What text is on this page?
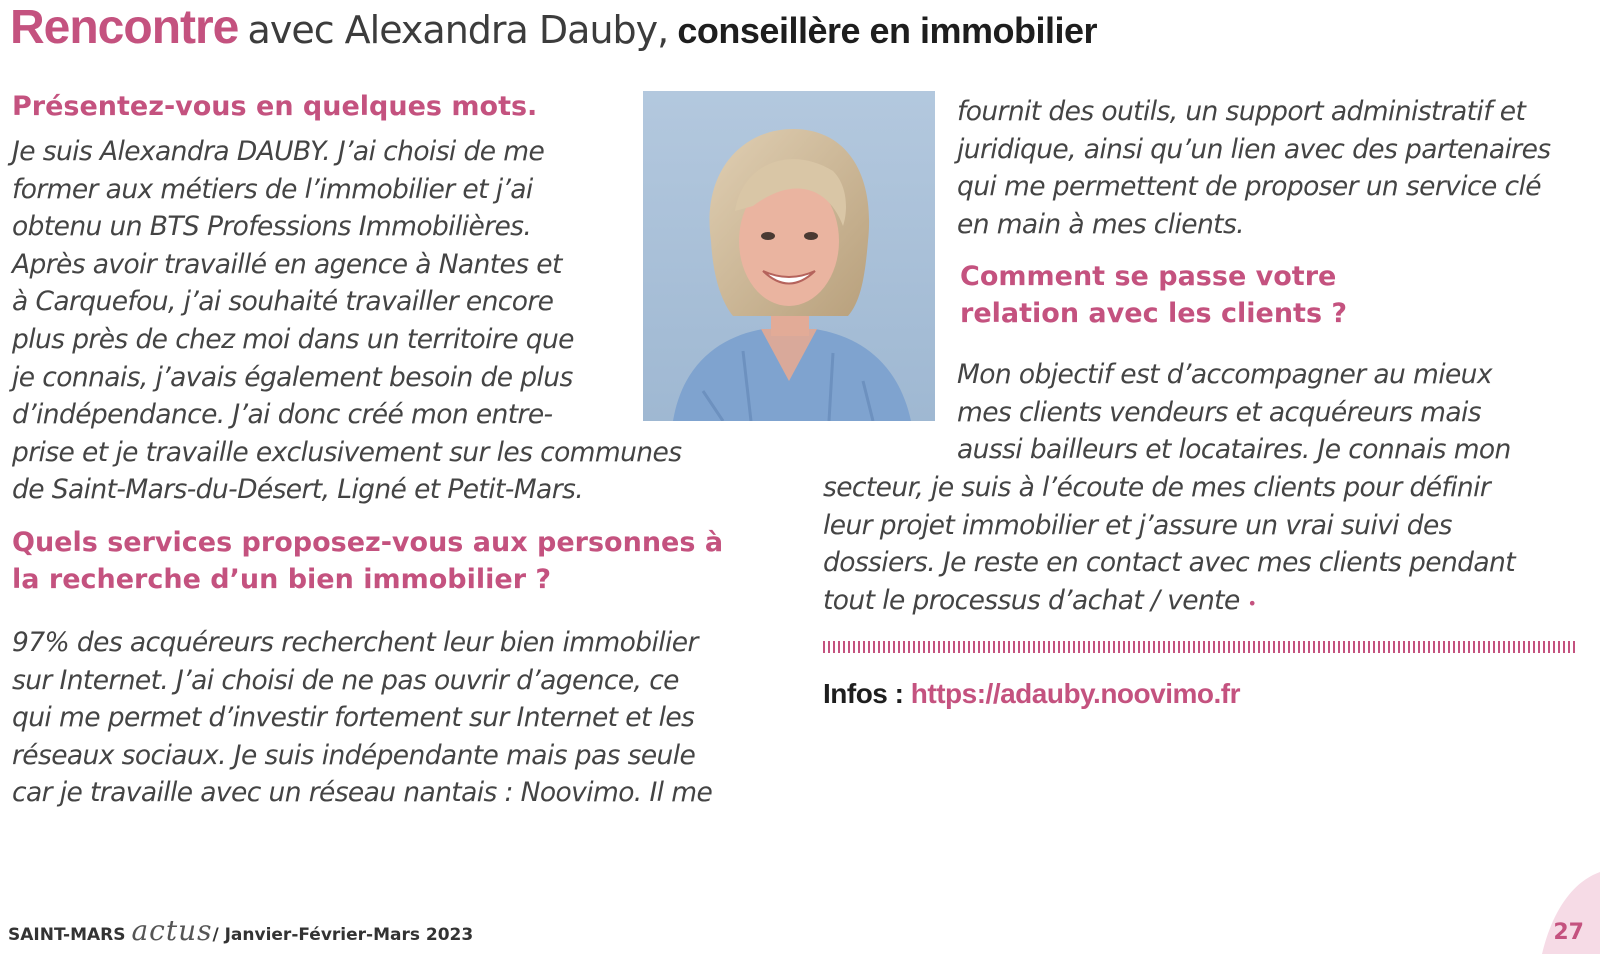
Rencontre avec Alexandra Dauby, conseillère en immobilier
Présentez-vous en quelques mots.
Je suis Alexandra DAUBY. J’ai choisi de me
former aux métiers de l’immobilier et j’ai
obtenu un BTS Professions Immobilières.
Après avoir travaillé en agence à Nantes et
à Carquefou, j’ai souhaité travailler encore
plus près de chez moi dans un territoire que
je connais, j’avais également besoin de plus
d’indépendance. J’ai donc créé mon entre-
prise et je travaille exclusivement sur les communes
de Saint-Mars-du-Désert, Ligné et Petit-Mars.
Quels services proposez-vous aux personnes à
la recherche d’un bien immobilier ?
97% des acquéreurs recherchent leur bien immobilier
sur Internet. J’ai choisi de ne pas ouvrir d’agence, ce
qui me permet d’investir fortement sur Internet et les
réseaux sociaux. Je suis indépendante mais pas seule
car je travaille avec un réseau nantais : Noovimo. Il me
fournit des outils, un support administratif et
juridique, ainsi qu’un lien avec des partenaires
qui me permettent de proposer un service clé
en main à mes clients.
Comment se passe votre
relation avec les clients ?
Mon objectif est d’accompagner au mieux
mes clients vendeurs et acquéreurs mais
aussi bailleurs et locataires. Je connais mon
secteur, je suis à l’écoute de mes clients pour définir
leur projet immobilier et j’assure un vrai suivi des
dossiers. Je reste en contact avec mes clients pendant
tout le processus d’achat / vente •
Infos : https://adauby.noovimo.fr
SAINT-MARS actus/ Janvier-Février-Mars 2023	27
